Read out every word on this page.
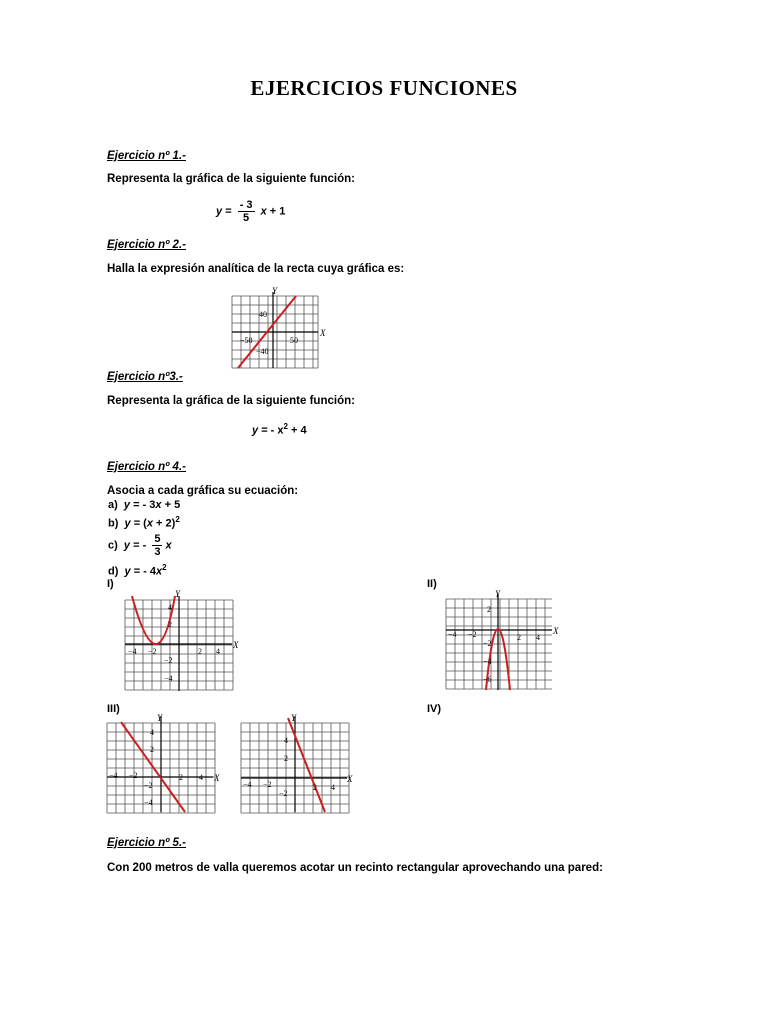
EJERCICIOS FUNCIONES
Ejercicio nº 1.-
Representa la gráfica de la siguiente función:
$y = \frac{- 3}{5}$ x + 1
Ejercicio nº 2.-
Halla la expresión analítica de la recta cuya gráfica es:
Y
X
40
−40
−50	50
Ejercicio nº3.-
Representa la gráfica de la siguiente función:
y = - $x^2 + 4$
Ejercicio nº 4.-
Asocia a cada gráfica su ecuación:
a) y = - 3x + 5
b) $y = (x + 2)^2$
c) y = - $\frac{5}{3}$ x
d) y = - $4x^2$
I)	II)
III)	IV)
Y
X
4
2
−4 −2	2 4
−2
−4
Y
X
2
−4 −2	2 4
−2
−4
−6
Y
X
4
2
−4 −2	2 4
−2
−4
Y
X
4
2
−4 −2	2 4
−2
Ejercicio nº 5.-
Con 200 metros de valla queremos acotar un recinto rectangular aprovechando una pared:
